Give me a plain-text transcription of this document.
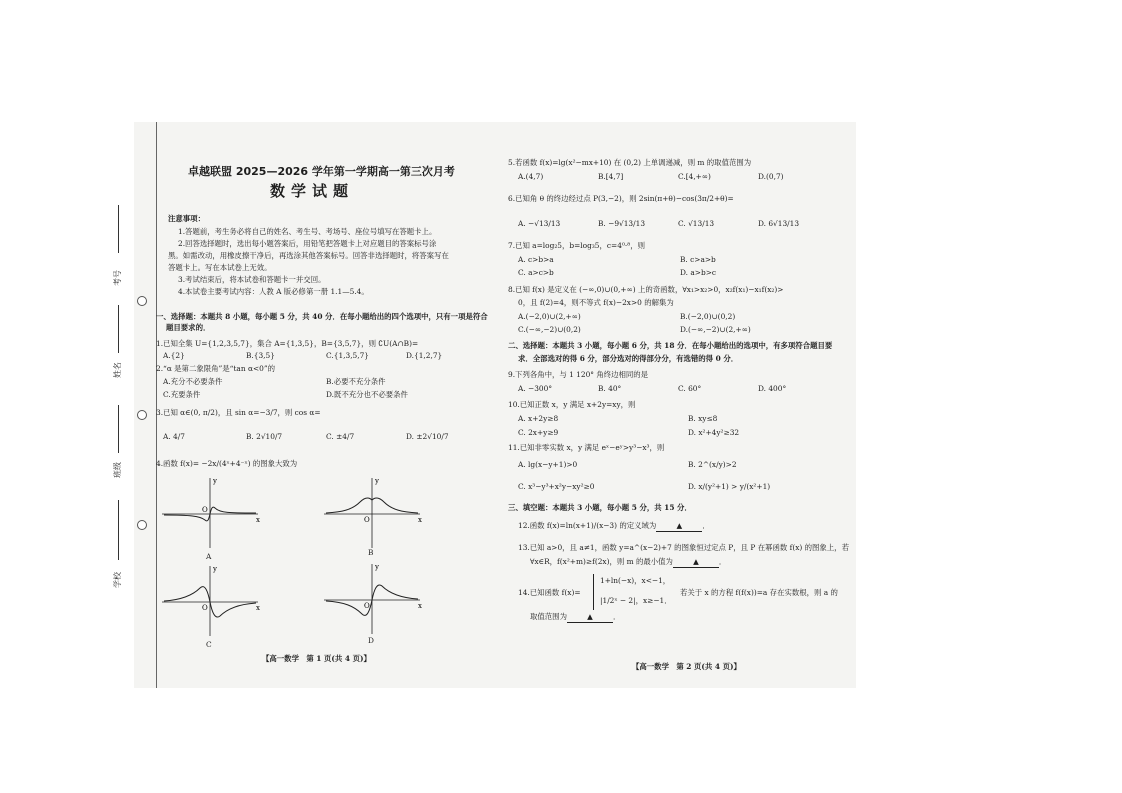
考号
姓名
班级
学校
卓越联盟 2025—2026 学年第一学期高一第三次月考
数学试题
注意事项：
1.答题前，考生务必将自己的姓名、考生号、考场号、座位号填写在答题卡上。
2.回答选择题时，选出每小题答案后，用铅笔把答题卡上对应题目的答案标号涂
黑。如需改动，用橡皮擦干净后，再选涂其他答案标号。回答非选择题时，将答案写在
答题卡上。写在本试卷上无效。
3.考试结束后，将本试卷和答题卡一并交回。
4.本试卷主要考试内容：人教 A 版必修第一册 1.1—5.4。
一、选择题：本题共 8 小题，每小题 5 分，共 40 分．在每小题给出的四个选项中，只有一项是符合
题目要求的．
1.已知全集 U={1,2,3,5,7}，集合 A={1,3,5}，B={3,5,7}，则 ∁U(A∩B)=
A.{2}	B.{3,5}	C.{1,3,5,7}	D.{1,2,7}
2.“α 是第二象限角”是“tan α<0”的
A.充分不必要条件	B.必要不充分条件
C.充要条件	D.既不充分也不必要条件
3.已知 α∈(0, π/2)，且 sin α=−3/7，则 cos α=
A. 4/7	B. 2√10/7	C. ±4/7	D. ±2√10/7
4.函数 f(x)= −2x/(4ˣ+4⁻ˣ) 的图象大致为
O
x
y
A
O	x
y
B
O	x
y
C
O	x
y
D
【高一数学　第 1 页(共 4 页)】
5.若函数 f(x)=lg(x²−mx+10) 在 (0,2) 上单调递减，则 m 的取值范围为
A.(4,7)	B.[4,7]	C.[4,+∞)	D.(0,7)
6.已知角 θ 的终边经过点 P(3,−2)，则 2sin(π+θ)−cos(3π/2+θ)=
A. −√13/13	B. −9√13/13	C. √13/13	D. 6√13/13
7.已知 a=log₂5，b=log₃5，c=4⁰·⁸，则
A. c>b>a	B. c>a>b
C. a>c>b	D. a>b>c
8.已知 f(x) 是定义在 (−∞,0)∪(0,+∞) 上的奇函数，∀x₁>x₂>0，x₂f(x₁)−x₁f(x₂)>
0，且 f(2)=4，则不等式 f(x)−2x>0 的解集为
A.(−2,0)∪(2,+∞)	B.(−2,0)∪(0,2)
C.(−∞,−2)∪(0,2)	D.(−∞,−2)∪(2,+∞)
二、选择题：本题共 3 小题，每小题 6 分，共 18 分．在每小题给出的选项中，有多项符合题目要
求．全部选对的得 6 分，部分选对的得部分分，有选错的得 0 分．
9.下列各角中，与 1 120° 角终边相同的是
A. −300°	B. 40°	C. 60°	D. 400°
10.已知正数 x，y 满足 x+2y=xy，则
A. x+2y≥8	B. xy≤8
C. 2x+y≥9	D. x²+4y²≥32
11.已知非零实数 x，y 满足 eˣ−eʸ>y³−x³，则
A. lg(x−y+1)>0	B. 2^(x/y)>2
C. x³−y³+x²y−xy²≥0	D. x/(y²+1) > y/(x²+1)
三、填空题：本题共 3 小题，每小题 5 分，共 15 分．
12.函数 f(x)=ln(x+1)/(x−3) 的定义域为	▲	．
13.已知 a>0，且 a≠1，函数 y=a^(x−2)+7 的图象恒过定点 P，且 P 在幂函数 f(x) 的图象上，若
∀x∈R，f(x²+m)≥f(2x)，则 m 的最小值为	▲	．
14.已知函数 f(x)=
1+ln(−x)，x<−1，
|1/2ˣ − 2|，x≥−1．
若关于 x 的方程 f(f(x))=a 存在实数根，则 a 的
取值范围为	▲	．
【高一数学　第 2 页(共 4 页)】
